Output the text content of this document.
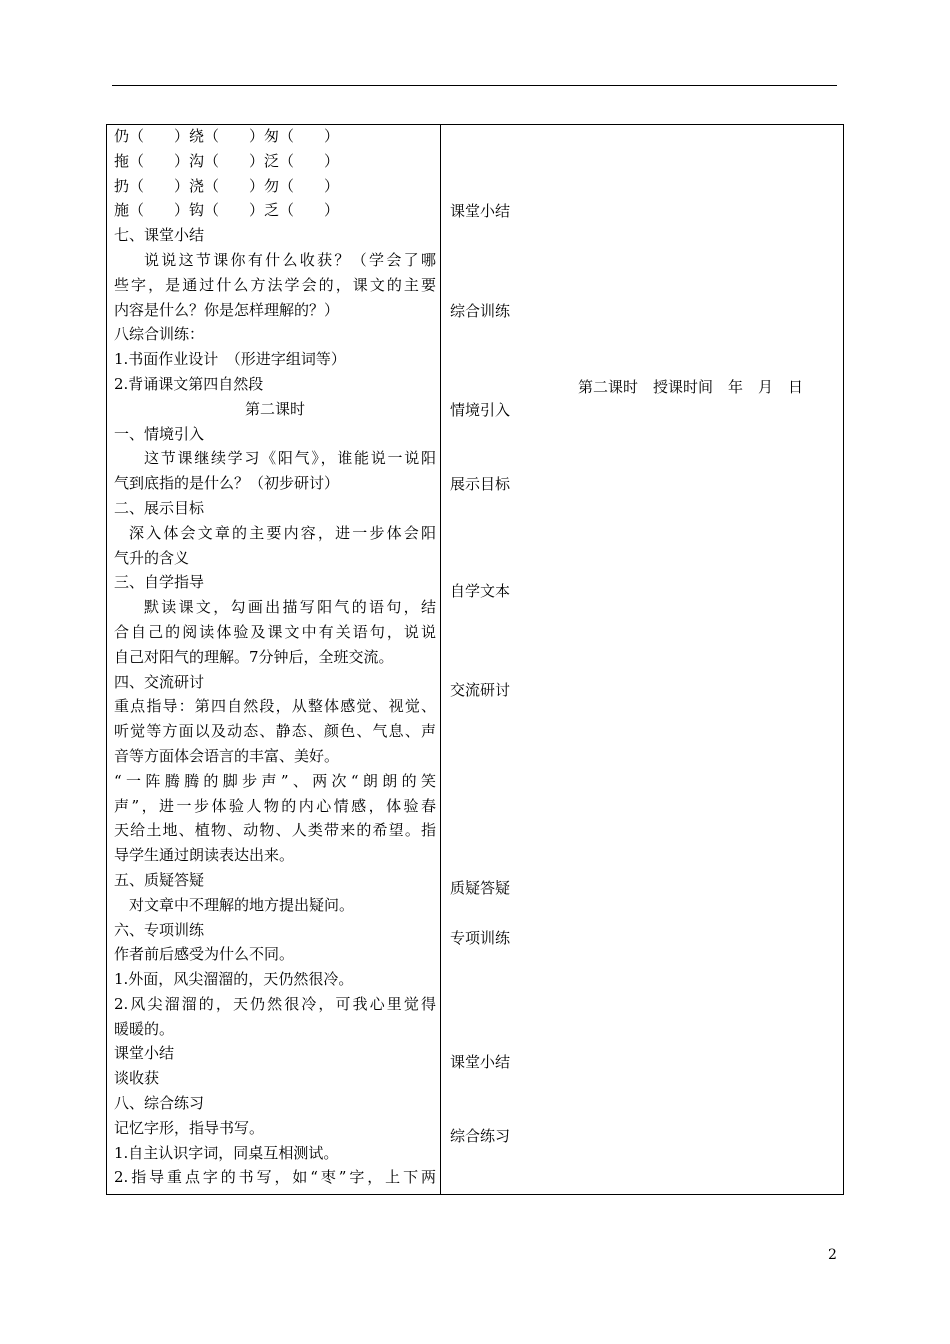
仍（　　）绕（　　）匆（　　）
拖（　　）沟（　　）泛（　　）
扔（　　）浇（　　）勿（　　）
施（　　）钩（　　）乏（　　）
七、课堂小结
说说这节课你有什么收获？（学会了哪
些字，是通过什么方法学会的，课文的主要
内容是什么？你是怎样理解的？）
八综合训练：
1.书面作业设计　（形进字组词等）
2.背诵课文第四自然段
第二课时
一、情境引入
这节课继续学习《阳气》，谁能说一说阳
气到底指的是什么？（初步研讨）
二、展示目标
深入体会文章的主要内容，进一步体会阳
气升的含义
三、自学指导
默读课文，勾画出描写阳气的语句，结
合自己的阅读体验及课文中有关语句，说说
自己对阳气的理解。7分钟后，全班交流。
四、交流研讨
重点指导：第四自然段，从整体感觉、视觉、
听觉等方面以及动态、静态、颜色、气息、声
音等方面体会语言的丰富、美好。
“一阵腾腾的脚步声”、两次“朗朗的笑
声”，进一步体验人物的内心情感，体验春
天给土地、植物、动物、人类带来的希望。指
导学生通过朗读表达出来。
五、质疑答疑
对文章中不理解的地方提出疑问。
六、专项训练
作者前后感受为什么不同。
1.外面，风尖溜溜的，天仍然很冷。
2.风尖溜溜的，天仍然很冷，可我心里觉得
暖暖的。
课堂小结
谈收获
八、综合练习
记忆字形，指导书写。
1.自主认识字词，同桌互相测试。
2.指导重点字的书写，如“枣”字，上下两
课堂小结
综合训练
情境引入
展示目标
自学文本
交流研讨
质疑答疑
专项训练
课堂小结
综合练习
第二课时　授课时间　年　月　日
2
